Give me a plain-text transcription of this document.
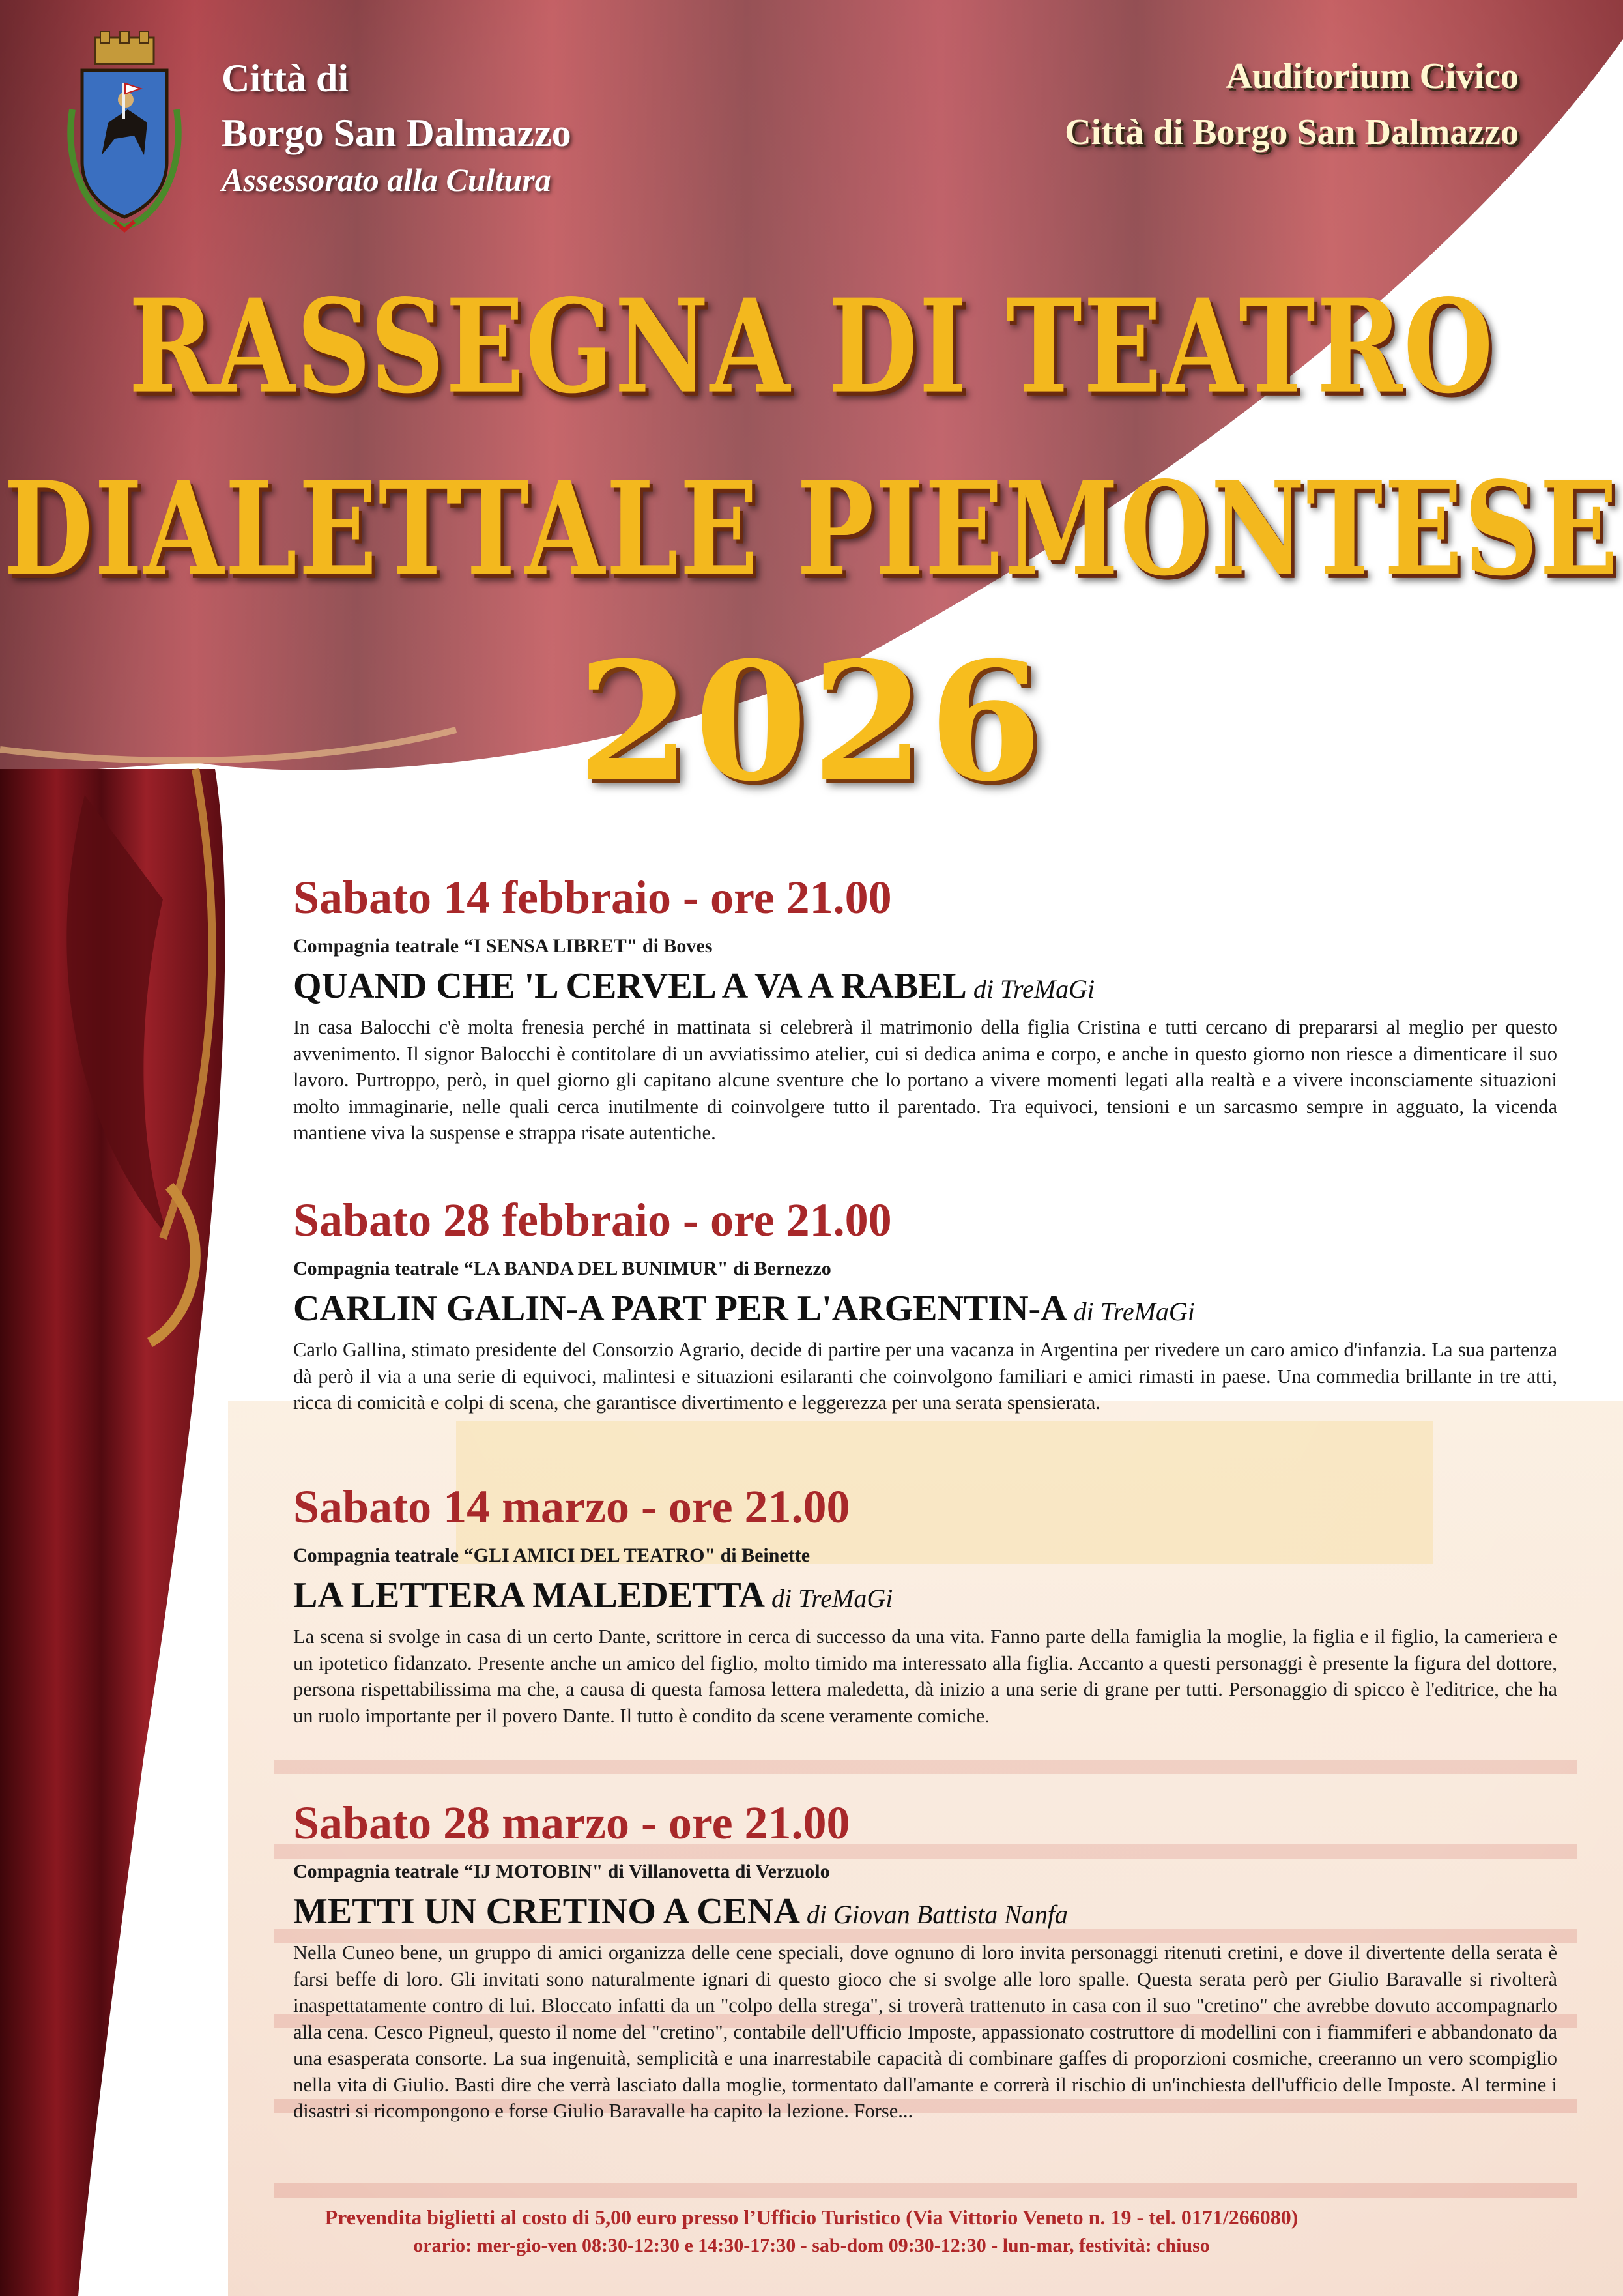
Città di
Borgo San Dalmazzo
Assessorato alla Cultura
Auditorium Civico
Città di Borgo San Dalmazzo
RASSEGNA DI TEATRO
DIALETTALE PIEMONTESE
2026
Sabato 14 febbraio - ore 21.00
Compagnia teatrale “I SENSA LIBRET" di Boves
QUAND CHE 'L CERVEL A VA A RABEL di TreMaGi
In casa Balocchi c'è molta frenesia perché in mattinata si celebrerà il matrimonio della figlia Cristina e tutti cercano di prepararsi al meglio per questo avvenimento. Il signor Balocchi è contitolare di un avviatissimo atelier, cui si dedica anima e corpo, e anche in questo giorno non riesce a dimenticare il suo lavoro. Purtroppo, però, in quel giorno gli capitano alcune sventure che lo portano a vivere momenti legati alla realtà e a vivere inconsciamente situazioni molto immaginarie, nelle quali cerca inutilmente di coinvolgere tutto il parentado. Tra equivoci, tensioni e un sarcasmo sempre in agguato, la vicenda mantiene viva la suspense e strappa risate autentiche.
Sabato 28 febbraio - ore 21.00
Compagnia teatrale “LA BANDA DEL BUNIMUR" di Bernezzo
CARLIN GALIN-A PART PER L'ARGENTIN-A di TreMaGi
Carlo Gallina, stimato presidente del Consorzio Agrario, decide di partire per una vacanza in Argentina per rivedere un caro amico d'infanzia. La sua partenza dà però il via a una serie di equivoci, malintesi e situazioni esilaranti che coinvolgono familiari e amici rimasti in paese. Una commedia brillante in tre atti, ricca di comicità e colpi di scena, che garantisce divertimento e leggerezza per una serata spensierata.
Sabato 14 marzo - ore 21.00
Compagnia teatrale “GLI AMICI DEL TEATRO" di Beinette
LA LETTERA MALEDETTA di TreMaGi
La scena si svolge in casa di un certo Dante, scrittore in cerca di successo da una vita. Fanno parte della famiglia la moglie, la figlia e il figlio, la cameriera e un ipotetico fidanzato. Presente anche un amico del figlio, molto timido ma interessato alla figlia. Accanto a questi personaggi è presente la figura del dottore, persona rispettabilissima ma che, a causa di questa famosa lettera maledetta, dà inizio a una serie di grane per tutti. Personaggio di spicco è l'editrice, che ha un ruolo importante per il povero Dante. Il tutto è condito da scene veramente comiche.
Sabato 28 marzo - ore 21.00
Compagnia teatrale “IJ MOTOBIN" di Villanovetta di Verzuolo
METTI UN CRETINO A CENA di Giovan Battista Nanfa
Nella Cuneo bene, un gruppo di amici organizza delle cene speciali, dove ognuno di loro invita personaggi ritenuti cretini, e dove il divertente della serata è farsi beffe di loro. Gli invitati sono naturalmente ignari di questo gioco che si svolge alle loro spalle. Questa serata però per Giulio Baravalle si rivolterà inaspettatamente contro di lui. Bloccato infatti da un "colpo della strega", si troverà trattenuto in casa con il suo "cretino" che avrebbe dovuto accompagnarlo alla cena. Cesco Pigneul, questo il nome del "cretino", contabile dell'Ufficio Imposte, appassionato costruttore di modellini con i fiammiferi e abbandonato da una esasperata consorte. La sua ingenuità, semplicità e una inarrestabile capacità di combinare gaffes di proporzioni cosmiche, creeranno un vero scompiglio nella vita di Giulio. Basti dire che verrà lasciato dalla moglie, tormentato dall'amante e correrà il rischio di un'inchiesta dell'ufficio delle Imposte. Al termine i disastri si ricompongono e forse Giulio Baravalle ha capito la lezione. Forse...
Prevendita biglietti al costo di 5,00 euro presso l’Ufficio Turistico (Via Vittorio Veneto n. 19 - tel. 0171/266080)
orario: mer-gio-ven 08:30-12:30 e 14:30-17:30 - sab-dom 09:30-12:30 - lun-mar, festività: chiuso
